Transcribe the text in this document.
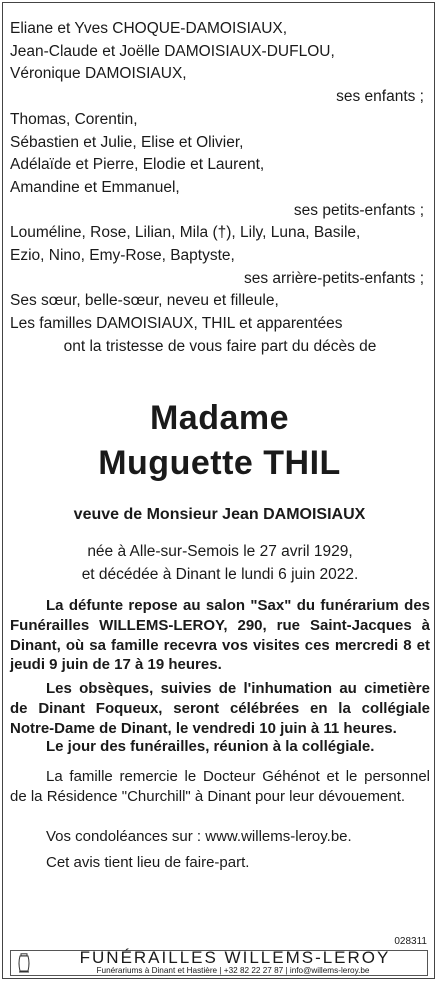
Eliane et Yves CHOQUE-DAMOISIAUX,
Jean-Claude et Joëlle DAMOISIAUX-DUFLOU,
Véronique DAMOISIAUX,
ses enfants ;
Thomas, Corentin,
Sébastien et Julie, Elise et Olivier,
Adélaïde et Pierre, Elodie et Laurent,
Amandine et Emmanuel,
ses petits-enfants ;
Louméline, Rose, Lilian, Mila (†), Lily, Luna, Basile,
Ezio, Nino, Emy-Rose, Baptyste,
ses arrière-petits-enfants ;
Ses sœur, belle-sœur, neveu et filleule,
Les familles DAMOISIAUX, THIL et apparentées
ont la tristesse de vous faire part du décès de
Madame
Muguette THIL
veuve de Monsieur Jean DAMOISIAUX
née à Alle-sur-Semois le 27 avril 1929,
et décédée à Dinant le lundi 6 juin 2022.
La défunte repose au salon "Sax" du funérarium des Funérailles WILLEMS-LEROY, 290, rue Saint-Jacques à Dinant, où sa famille recevra vos visites ces mercredi 8 et jeudi 9 juin de 17 à 19 heures.
Les obsèques, suivies de l'inhumation au cimetière de Dinant Foqueux, seront célébrées en la collégiale Notre-Dame de Dinant, le vendredi 10 juin à 11 heures.
Le jour des funérailles, réunion à la collégiale.
La famille remercie le Docteur Géhénot et le personnel de la Résidence "Churchill" à Dinant pour leur dévouement.
Vos condoléances sur : www.willems-leroy.be.
Cet avis tient lieu de faire-part.
028311
FUNÉRAILLES WILLEMS-LEROY
Funérariums à Dinant et Hastière | +32 82 22 27 87 | info@willems-leroy.be
